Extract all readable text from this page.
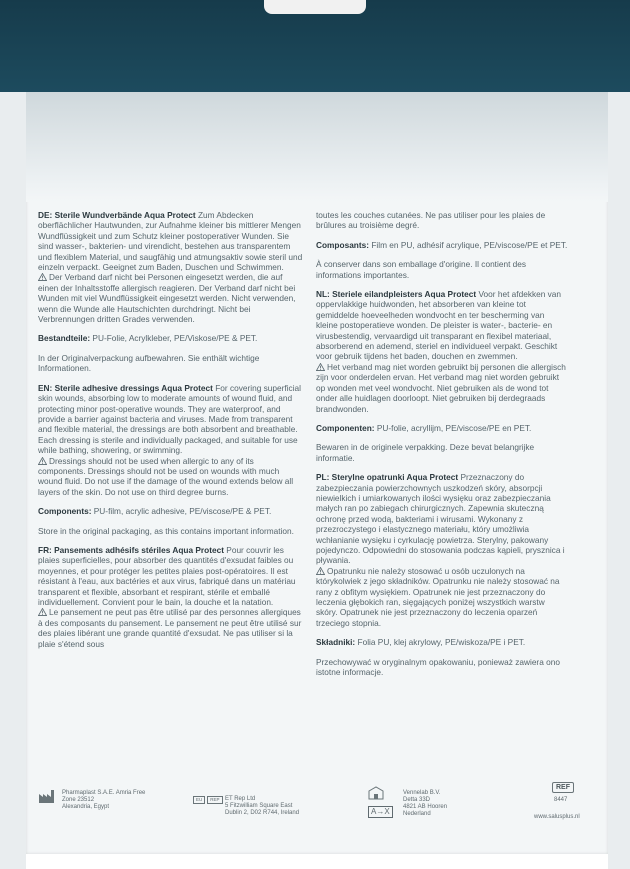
DE: Sterile Wundverbände Aqua Protect Zum Abdecken oberflächlicher Hautwunden, zur Aufnahme kleiner bis mittlerer Mengen Wundflüssigkeit und zum Schutz kleiner postoperativer Wunden. Sie sind wasser-, bakterien- und virendicht, bestehen aus transparentem und flexiblem Material, und saugfähig und atmungsaktiv sowie steril und einzeln verpackt. Geeignet zum Baden, Duschen und Schwimmen.
Der Verband darf nicht bei Personen eingesetzt werden, die auf einen der Inhaltsstoffe allergisch reagieren. Der Verband darf nicht bei Wunden mit viel Wundflüssigkeit eingesetzt werden. Nicht verwenden, wenn die Wunde alle Hautschichten durchdringt. Nicht bei Verbrennungen dritten Grades verwenden.

Bestandteile: PU-Folie, Acrylkleber, PE/Viskose/PE & PET.

In der Originalverpackung aufbewahren. Sie enthält wichtige Informationen.

EN: Sterile adhesive dressings Aqua Protect For covering superficial skin wounds, absorbing low to moderate amounts of wound fluid, and protecting minor post-operative wounds. They are waterproof, and provide a barrier against bacteria and viruses. Made from transparent and flexible material, the dressings are both absorbent and breathable. Each dressing is sterile and individually packaged, and suitable for use while bathing, showering, or swimming.
Dressings should not be used when allergic to any of its components. Dressings should not be used on wounds with much wound fluid. Do not use if the damage of the wound extends below all layers of the skin. Do not use on third degree burns.

Components: PU-film, acrylic adhesive, PE/viscose/PE & PET.

Store in the original packaging, as this contains important information.

FR: Pansements adhésifs stériles Aqua Protect Pour couvrir les plaies superficielles, pour absorber des quantités d'exsudat faibles ou moyennes, et pour protéger les petites plaies post-opératoires. Il est résistant à l'eau, aux bactéries et aux virus, fabriqué dans un matériau transparent et flexible, absorbant et respirant, stérile et emballé individuellement. Convient pour le bain, la douche et la natation.
Le pansement ne peut pas être utilisé par des personnes allergiques à des composants du pansement. Le pansement ne peut être utilisé sur des plaies libérant une grande quantité d'exsudat. Ne pas utiliser si la plaie s'étend sous

toutes les couches cutanées. Ne pas utiliser pour les plaies de brûlures au troisième degré.

Composants: Film en PU, adhésif acrylique, PE/viscose/PE et PET.

À conserver dans son emballage d'origine. Il contient des informations importantes.

NL: Steriele eilandpleisters Aqua Protect Voor het afdekken van oppervlakkige huidwonden, het absorberen van kleine tot gemiddelde hoeveelheden wondvocht en ter bescherming van kleine postoperatieve wonden. De pleister is water-, bacterie- en virusbestendig, vervaardigd uit transparant en flexibel materiaal, absorberend en ademend, steriel en individueel verpakt. Geschikt voor gebruik tijdens het baden, douchen en zwemmen.
Het verband mag niet worden gebruikt bij personen die allergisch zijn voor onderdelen ervan. Het verband mag niet worden gebruikt op wonden met veel wondvocht. Niet gebruiken als de wond tot onder alle huidlagen doorloopt. Niet gebruiken bij derdegraads brandwonden.

Componenten: PU-folie, acryllijm, PE/viscose/PE en PET.

Bewaren in de originele verpakking. Deze bevat belangrijke informatie.

PL: Sterylne opatrunki Aqua Protect Przeznaczony do zabezpieczania powierzchownych uszkodzeń skóry, absorpcji niewielkich i umiarkowanych ilości wysięku oraz zabezpieczania małych ran po zabiegach chirurgicznych. Zapewnia skuteczną ochronę przed wodą, bakteriami i wirusami. Wykonany z przezroczystego i elastycznego materiału, który umożliwia wchłanianie wysięku i cyrkulację powietrza. Sterylny, pakowany pojedynczo. Odpowiedni do stosowania podczas kąpieli, prysznica i pływania.
Opatrunku nie należy stosować u osób uczulonych na którykolwiek z jego składników. Opatrunku nie należy stosować na rany z obfitym wysiękiem. Opatrunek nie jest przeznaczony do leczenia głębokich ran, sięgających poniżej wszystkich warstw skóry. Opatrunek nie jest przeznaczony do leczenia oparzeń trzeciego stopnia.

Składniki: Folia PU, klej akrylowy, PE/wiskoza/PE i PET.

Przechowywać w oryginalnym opakowaniu, ponieważ zawiera ono istotne informacje.

Pharmaplast S.A.E. Amria Free
Zone 23512
Alexandria, Egypt
EU	REP ET Rep Ltd
5 Fitzwilliam Square East
Dublin 2, D02 R744, Ireland
Vennelab B.V.
Detta 33D
4821 AB Hooren
Nederland
A→X
REF
8447
www.salusplus.nl
